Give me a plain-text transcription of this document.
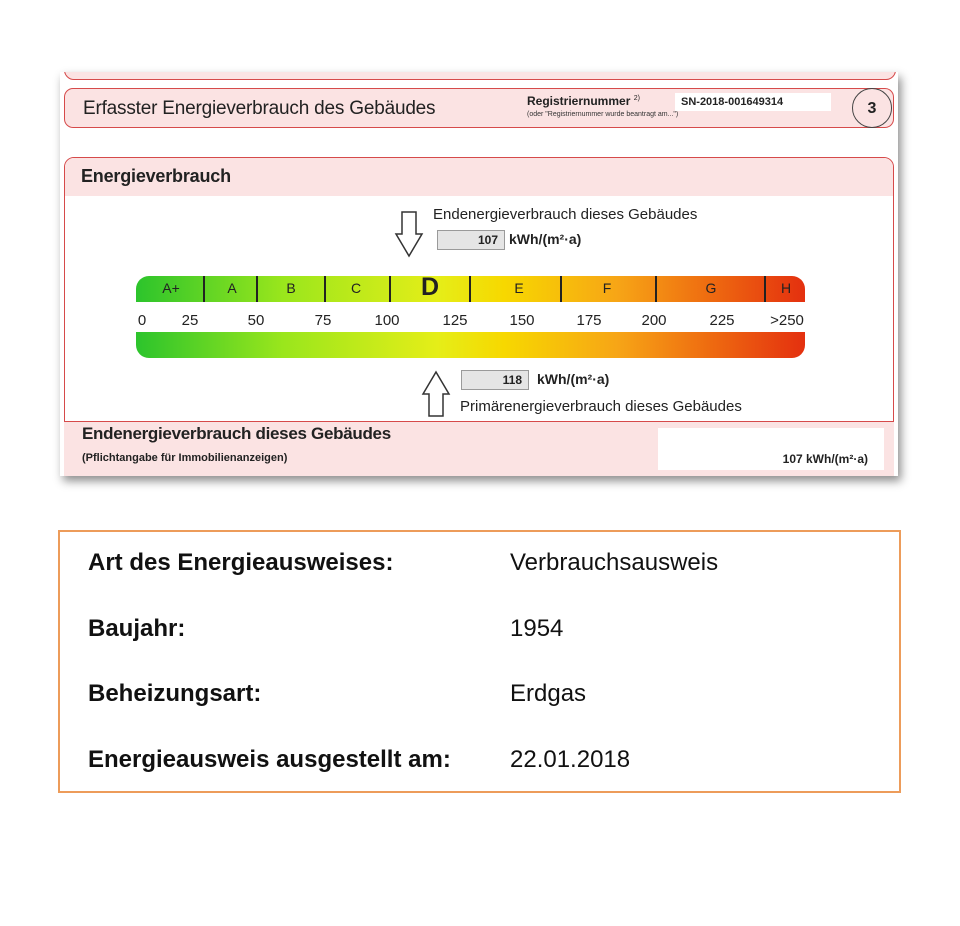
Erfasster Energieverbrauch des Gebäudes	Registriernummer $^{2)}$
(oder "Registriernummer wurde beantragt am...")
SN-2018-001649314	3
Energieverbrauch
Endenergieverbrauch dieses Gebäudes
107 kWh/(m²·a)
A+	A	B	C D	E	F	G	H
0 25	50	75	100	125	150	175	200	225 >250
118	kWh/(m²·a)
Primärenergieverbrauch dieses Gebäudes
Endenergieverbrauch dieses Gebäudes
(Pflichtangabe für Immobilienanzeigen)	107 kWh/(m²·a)
Art des Energieausweises:	Verbrauchsausweis
Baujahr:	1954
Beheizungsart:	Erdgas
Energieausweis ausgestellt am: 22.01.2018
